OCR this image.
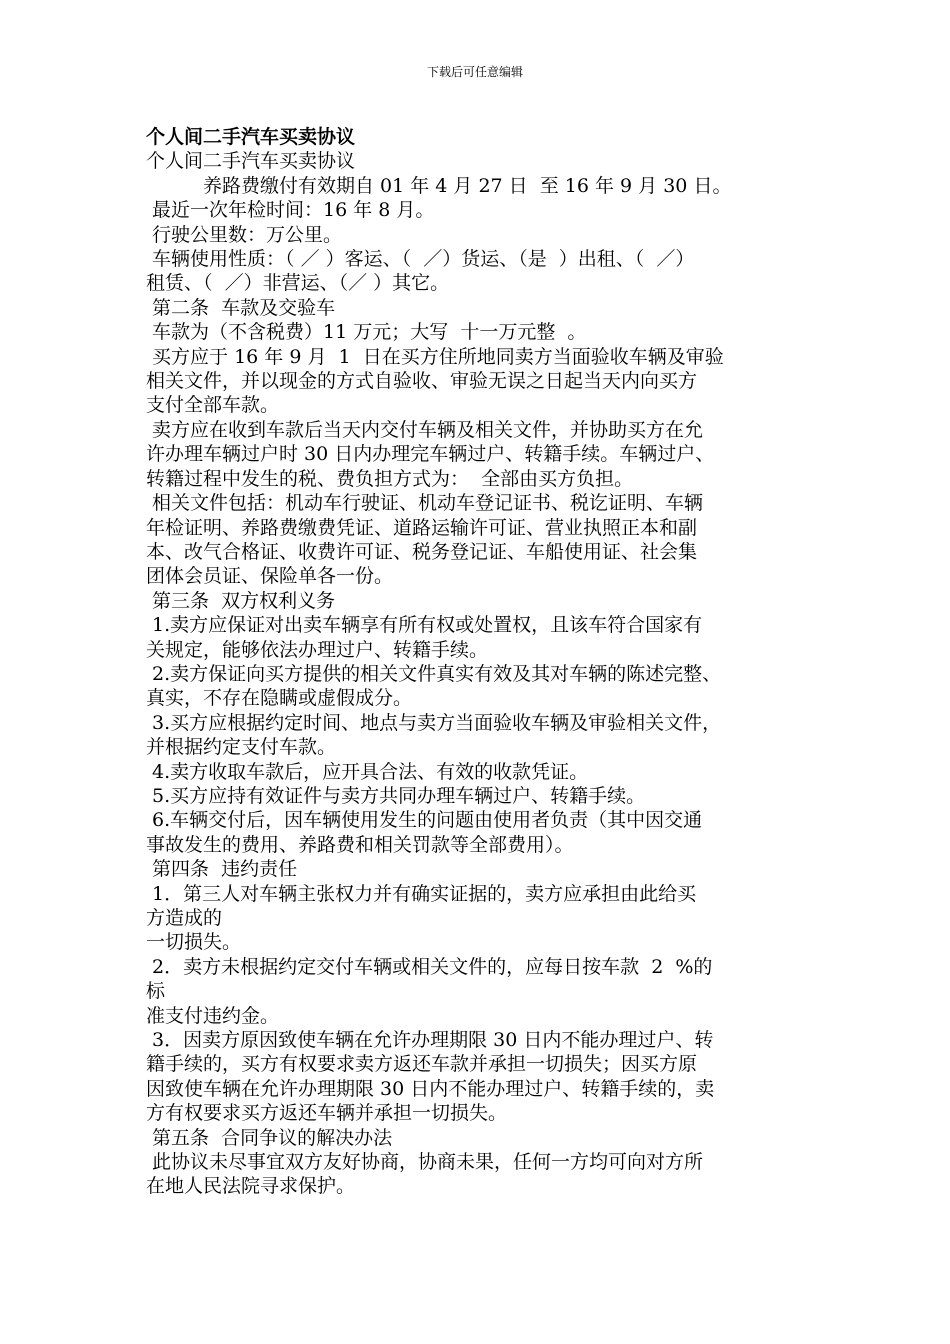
下载后可任意编辑

个人间二手汽车买卖协议

个人间二手汽车买卖协议

　　　养路费缴付有效期自 01 年 4 月 27 日  至 16 年 9 月 30 日。

最近一次年检时间：16 年 8 月。

行驶公里数：万公里。

车辆使用性质：（ ／ ）客运、（  ／）货运、（是  ）出租、（  ／）

租赁、（  ／）非营运、（／ ）其它。

第二条  车款及交验车

车款为（不含税费）11 万元；大写  十一万元整  。

买方应于 16 年 9 月  1  日在买方住所地同卖方当面验收车辆及审验

相关文件，并以现金的方式自验收、审验无误之日起当天内向买方

支付全部车款。

卖方应在收到车款后当天内交付车辆及相关文件，并协助买方在允

许办理车辆过户时 30 日内办理完车辆过户、转籍手续。车辆过户、

转籍过程中发生的税、费负担方式为：  全部由买方负担。

相关文件包括：机动车行驶证、机动车登记证书、税讫证明、车辆

年检证明、养路费缴费凭证、道路运输许可证、营业执照正本和副

本、改气合格证、收费许可证、税务登记证、车船使用证、社会集

团体会员证、保险单各一份。

第三条  双方权利义务

1.卖方应保证对出卖车辆享有所有权或处置权，且该车符合国家有

关规定，能够依法办理过户、转籍手续。

2.卖方保证向买方提供的相关文件真实有效及其对车辆的陈述完整、

真实，不存在隐瞒或虚假成分。

3.买方应根据约定时间、地点与卖方当面验收车辆及审验相关文件，

并根据约定支付车款。

4.卖方收取车款后，应开具合法、有效的收款凭证。

5.买方应持有效证件与卖方共同办理车辆过户、转籍手续。

6.车辆交付后，因车辆使用发生的问题由使用者负责（其中因交通

事故发生的费用、养路费和相关罚款等全部费用）。

第四条  违约责任

1．第三人对车辆主张权力并有确实证据的，卖方应承担由此给买

方造成的

一切损失。

2．卖方未根据约定交付车辆或相关文件的，应每日按车款  2  %的

标

准支付违约金。

3．因卖方原因致使车辆在允许办理期限 30 日内不能办理过户、转

籍手续的，买方有权要求卖方返还车款并承担一切损失；因买方原

因致使车辆在允许办理期限 30 日内不能办理过户、转籍手续的，卖

方有权要求买方返还车辆并承担一切损失。

第五条  合同争议的解决办法

此协议未尽事宜双方友好协商，协商未果，任何一方均可向对方所

在地人民法院寻求保护。
